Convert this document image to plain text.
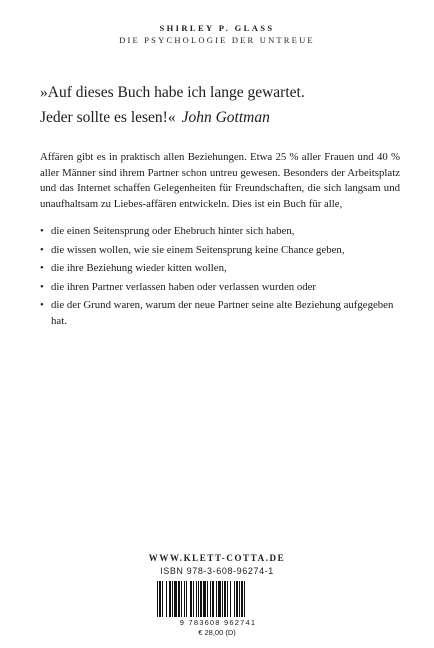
SHIRLEY P. GLASS
DIE PSYCHOLOGIE DER UNTREUE
»Auf dieses Buch habe ich lange gewartet.
Jeder sollte es lesen!« John Gottman

Affären gibt es in praktisch allen Beziehungen. Etwa 25 % aller Frauen und 40 % aller Männer sind ihrem Partner schon untreu gewesen. Besonders der Arbeitsplatz und das Internet schaffen Gelegenheiten für Freundschaften, die sich langsam und unaufhaltsam zu Liebes-affären entwickeln. Dies ist ein Buch für alle,

• die einen Seitensprung oder Ehebruch hinter sich haben,
• die wissen wollen, wie sie einem Seitensprung keine Chance geben,
• die ihre Beziehung wieder kitten wollen,
• die ihren Partner verlassen haben oder verlassen wurden oder
• die der Grund waren, warum der neue Partner seine alte Beziehung aufgegeben hat.
WWW.KLETT-COTTA.DE
ISBN 978-3-608-96274-1
9 783608 962741
€ 28,00 (D)
